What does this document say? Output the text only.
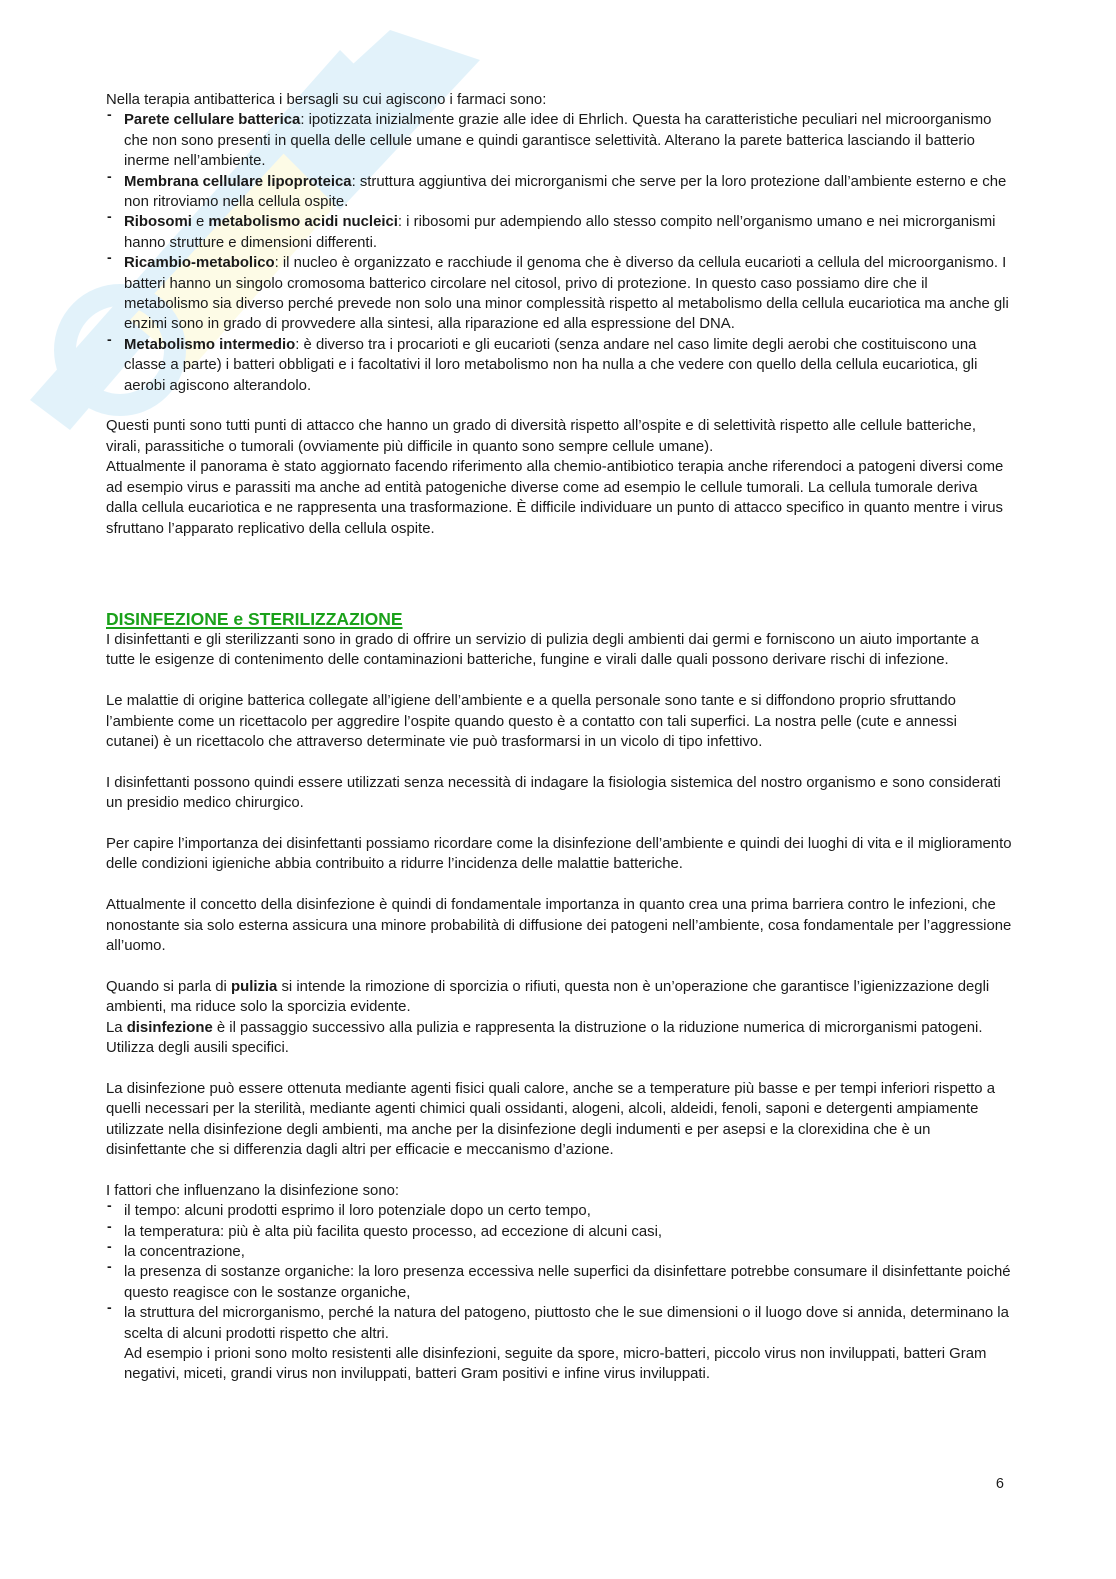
Nella terapia antibatterica i bersagli su cui agiscono i farmaci sono:

- Parete cellulare batterica: ipotizzata inizialmente grazie alle idee di Ehrlich. Questa ha caratteristiche peculiari nel microorganismo che non sono presenti in quella delle cellule umane e quindi garantisce selettività. Alterano la parete batterica lasciando il batterio inerme nell’ambiente.
- Membrana cellulare lipoproteica: struttura aggiuntiva dei microrganismi che serve per la loro protezione dall’ambiente esterno e che non ritroviamo nella cellula ospite.
- Ribosomi e metabolismo acidi nucleici: i ribosomi pur adempiendo allo stesso compito nell’organismo umano e nei microrganismi hanno strutture e dimensioni differenti.
- Ricambio-metabolico: il nucleo è organizzato e racchiude il genoma che è diverso da cellula eucarioti a cellula del microorganismo. I batteri hanno un singolo cromosoma batterico circolare nel citosol, privo di protezione. In questo caso possiamo dire che il metabolismo sia diverso perché prevede non solo una minor complessità rispetto al metabolismo della cellula eucariotica ma anche gli enzimi sono in grado di provvedere alla sintesi, alla riparazione ed alla espressione del DNA.
- Metabolismo intermedio: è diverso tra i procarioti e gli eucarioti (senza andare nel caso limite degli aerobi che costituiscono una classe a parte) i batteri obbligati e i facoltativi il loro metabolismo non ha nulla a che vedere con quello della cellula eucariotica, gli aerobi agiscono alterandolo.

Questi punti sono tutti punti di attacco che hanno un grado di diversità rispetto all’ospite e di selettività rispetto alle cellule batteriche, virali, parassitiche o tumorali (ovviamente più difficile in quanto sono sempre cellule umane).

Attualmente il panorama è stato aggiornato facendo riferimento alla chemio-antibiotico terapia anche riferendoci a patogeni diversi come ad esempio virus e parassiti ma anche ad entità patogeniche diverse come ad esempio le cellule tumorali. La cellula tumorale deriva dalla cellula eucariotica e ne rappresenta una trasformazione. È difficile individuare un punto di attacco specifico in quanto mentre i virus sfruttano l’apparato replicativo della cellula ospite.

DISINFEZIONE e STERILIZZAZIONE

I disinfettanti e gli sterilizzanti sono in grado di offrire un servizio di pulizia degli ambienti dai germi e forniscono un aiuto importante a tutte le esigenze di contenimento delle contaminazioni batteriche, fungine e virali dalle quali possono derivare rischi di infezione.

Le malattie di origine batterica collegate all’igiene dell’ambiente e a quella personale sono tante e si diffondono proprio sfruttando l’ambiente come un ricettacolo per aggredire l’ospite quando questo è a contatto con tali superfici. La nostra pelle (cute e annessi cutanei) è un ricettacolo che attraverso determinate vie può trasformarsi in un vicolo di tipo infettivo.

I disinfettanti possono quindi essere utilizzati senza necessità di indagare la fisiologia sistemica del nostro organismo e sono considerati un presidio medico chirurgico.

Per capire l’importanza dei disinfettanti possiamo ricordare come la disinfezione dell’ambiente e quindi dei luoghi di vita e il miglioramento delle condizioni igieniche abbia contribuito a ridurre l’incidenza delle malattie batteriche.

Attualmente il concetto della disinfezione è quindi di fondamentale importanza in quanto crea una prima barriera contro le infezioni, che nonostante sia solo esterna assicura una minore probabilità di diffusione dei patogeni nell’ambiente, cosa fondamentale per l’aggressione all’uomo.

Quando si parla di pulizia si intende la rimozione di sporcizia o rifiuti, questa non è un’operazione che garantisce l’igienizzazione degli ambienti, ma riduce solo la sporcizia evidente.

La disinfezione è il passaggio successivo alla pulizia e rappresenta la distruzione o la riduzione numerica di microrganismi patogeni. Utilizza degli ausili specifici.

La disinfezione può essere ottenuta mediante agenti fisici quali calore, anche se a temperature più basse e per tempi inferiori rispetto a quelli necessari per la sterilità, mediante agenti chimici quali ossidanti, alogeni, alcoli, aldeidi, fenoli, saponi e detergenti ampiamente utilizzate nella disinfezione degli ambienti, ma anche per la disinfezione degli indumenti e per asepsi e la clorexidina che è un disinfettante che si differenzia dagli altri per efficacie e meccanismo d’azione.

I fattori che influenzano la disinfezione sono:

- il tempo: alcuni prodotti esprimo il loro potenziale dopo un certo tempo,
- la temperatura: più è alta più facilita questo processo, ad eccezione di alcuni casi,
- la concentrazione,
- la presenza di sostanze organiche: la loro presenza eccessiva nelle superfici da disinfettare potrebbe consumare il disinfettante poiché questo reagisce con le sostanze organiche,
- la struttura del microrganismo, perché la natura del patogeno, piuttosto che le sue dimensioni o il luogo dove si annida, determinano la scelta di alcuni prodotti rispetto che altri.

Ad esempio i prioni sono molto resistenti alle disinfezioni, seguite da spore, micro-batteri, piccolo virus non inviluppati, batteri Gram negativi, miceti, grandi virus non inviluppati, batteri Gram positivi e infine virus inviluppati.

6
